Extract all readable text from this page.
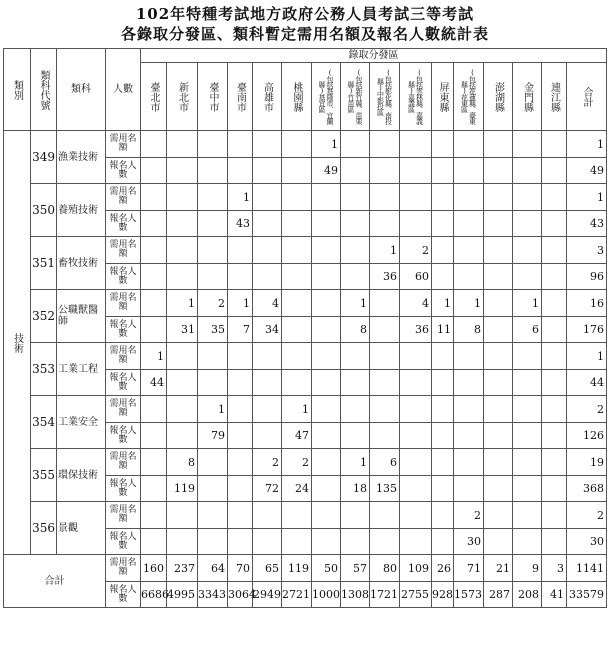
102年特種考試地方政府公務人員考試三等考試
各錄取分發區、類科暫定需用名額及報名人數統計表
類別	類科代號	類科	人數	錄取分發區															
				臺北市	新北市	臺中市	臺南市	高雄市	桃園縣	(包括基隆市、宜蘭縣)基宜區	(包括新竹縣、苗栗縣)竹苗區	(包括彰化縣、南投縣)中彰投區	(包括雲林縣、嘉義縣)嘉義區	屏東縣	(包括花蓮縣、臺東縣)花東區	澎湖縣	金門縣	連江縣	合計
技術	349	漁業技術	需用名額							1									1
			報名人數							49									49
	350	養殖技術	需用名額				1												1
			報名人數				43												43
	351	畜牧技術	需用名額									1	2						3
			報名人數									36	60						96
	352	公職獸醫師	需用名額		1	2	1	4			1		4	1	1		1		16
			報名人數		31	35	7	34			8		36	11	8		6		176
	353	工業工程	需用名額	1															1
			報名人數	44															44
	354	工業安全	需用名額			1			1										2
			報名人數			79			47										126
	355	環保技術	需用名額		8			2	2		1	6							19
			報名人數		119			72	24		18	135							368
	356	景觀	需用名額												2				2
			報名人數												30				30
合計			需用名額	160	237	64	70	65	119	50	57	80	109	26	71	21	9	3	1141
			報名人數	6686	4995	3343	3064	2949	2721	1000	1308	1721	2755	928	1573	287	208	41	33579
